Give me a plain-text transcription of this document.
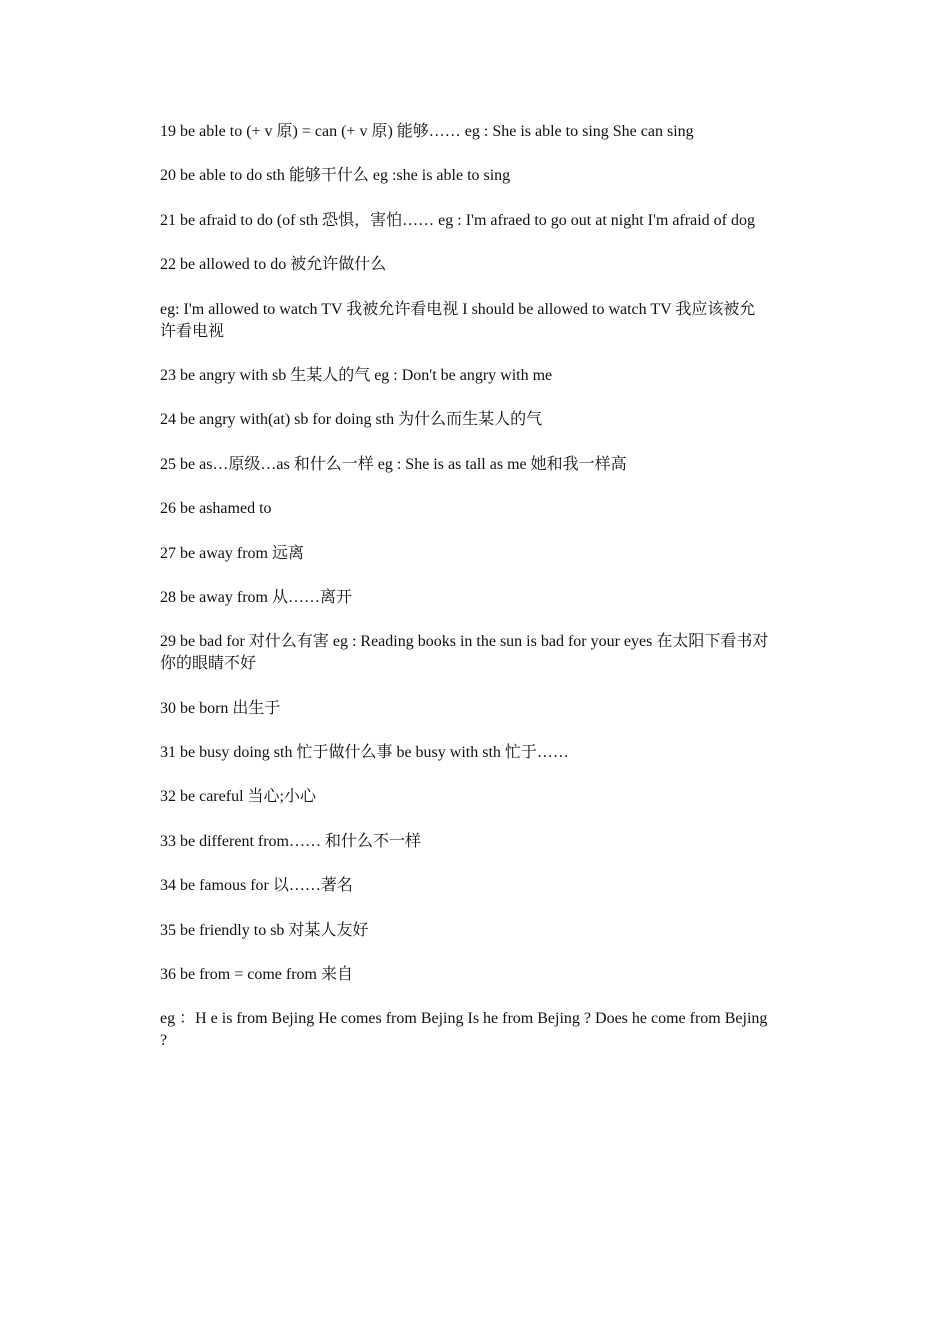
19 be able to (+ v 原) = can (+ v 原) 能够…… eg : She is able to sing She can sing

20 be able to do sth 能够干什么 eg :she is able to sing

21 be afraid to do (of sth 恐惧，害怕…… eg : I'm afraed to go out at night I'm afraid of dog

22 be allowed to do 被允许做什么

eg: I'm allowed to watch TV 我被允许看电视 I should be allowed to watch TV 我应该被允许看电视

23 be angry with sb 生某人的气 eg : Don't be angry with me

24 be angry with(at) sb for doing sth 为什么而生某人的气

25 be as…原级…as 和什么一样 eg : She is as tall as me 她和我一样高

26 be ashamed to

27 be away from 远离

28 be away from 从……离开

29 be bad for 对什么有害 eg : Reading books in the sun is bad for your eyes 在太阳下看书对你的眼睛不好

30 be born 出生于

31 be busy doing sth 忙于做什么事 be busy with sth 忙于……

32 be careful 当心;小心

33 be different from…… 和什么不一样

34 be famous for 以……著名

35 be friendly to sb 对某人友好

36 be from = come from 来自

eg ：H e is from Bejing He comes from Bejing Is he from Bejing ? Does he come from Bejing ?
